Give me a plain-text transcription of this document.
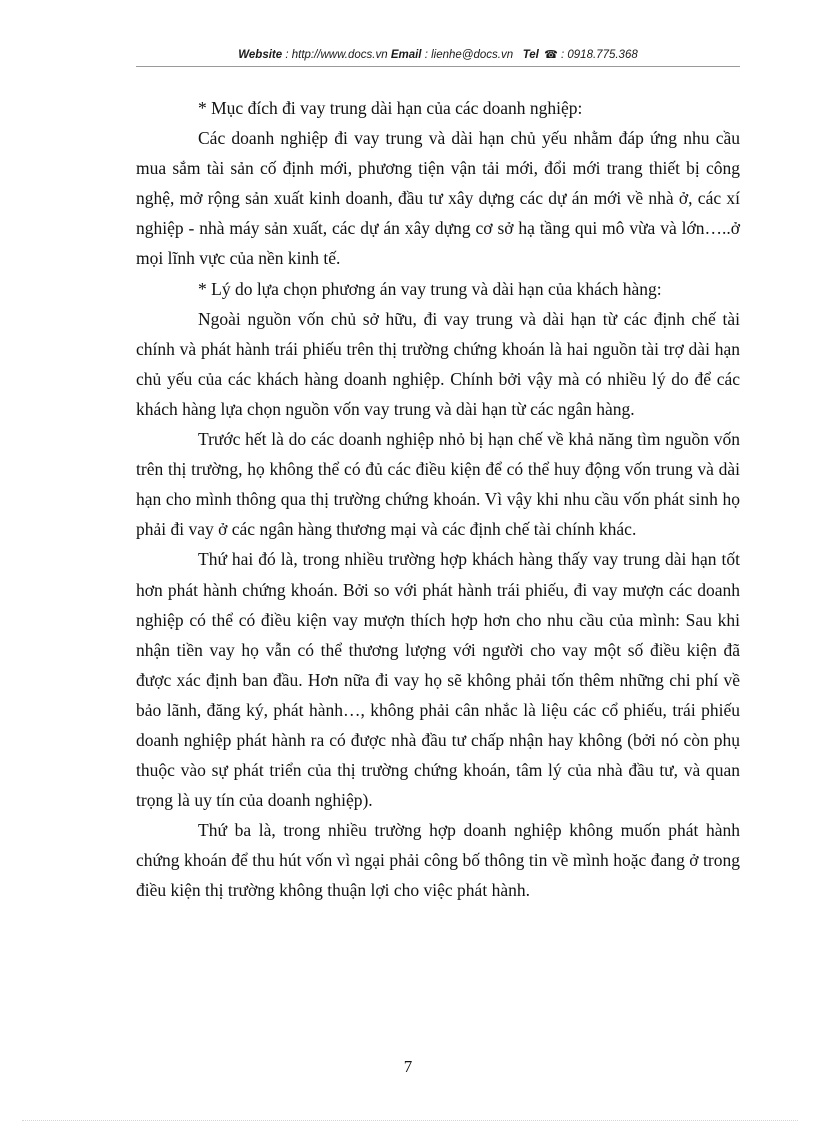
Website : http://www.docs.vn Email : lienhe@docs.vn Tel ☎ : 0918.775.368

* Mục đích đi vay trung dài hạn của các doanh nghiệp:

Các doanh nghiệp đi vay trung và dài hạn chủ yếu nhằm đáp ứng nhu cầu mua sắm tài sản cố định mới, phương tiện vận tải mới, đổi mới trang thiết bị công nghệ, mở rộng sản xuất kinh doanh, đầu tư xây dựng các dự án mới về nhà ở, các xí nghiệp - nhà máy sản xuất, các dự án xây dựng cơ sở hạ tầng qui mô vừa và lớn…..ở mọi lĩnh vực của nền kinh tế.

* Lý do lựa chọn phương án vay trung và dài hạn của khách hàng:

Ngoài nguồn vốn chủ sở hữu, đi vay trung và dài hạn từ các định chế tài chính và phát hành trái phiếu trên thị trường chứng khoán là hai nguồn tài trợ dài hạn chủ yếu của các khách hàng doanh nghiệp. Chính bởi vậy mà có nhiều lý do để các khách hàng lựa chọn nguồn vốn vay trung và dài hạn từ các ngân hàng.

Trước hết là do các doanh nghiệp nhỏ bị hạn chế về khả năng tìm nguồn vốn trên thị trường, họ không thể có đủ các điều kiện để có thể huy động vốn trung và dài hạn cho mình thông qua thị trường chứng khoán. Vì vậy khi nhu cầu vốn phát sinh họ phải đi vay ở các ngân hàng thương mại và các định chế tài chính khác.

Thứ hai đó là, trong nhiều trường hợp khách hàng thấy vay trung dài hạn tốt hơn phát hành chứng khoán. Bởi so với phát hành trái phiếu, đi vay mượn các doanh nghiệp có thể có điều kiện vay mượn thích hợp hơn cho nhu cầu của mình: Sau khi nhận tiền vay họ vẫn có thể thương lượng với người cho vay một số điều kiện đã được xác định ban đầu. Hơn nữa đi vay họ sẽ không phải tốn thêm những chi phí về bảo lãnh, đăng ký, phát hành…, không phải cân nhắc là liệu các cổ phiếu, trái phiếu doanh nghiệp phát hành ra có được nhà đầu tư chấp nhận hay không (bởi nó còn phụ thuộc vào sự phát triển của thị trường chứng khoán, tâm lý của nhà đầu tư, và quan trọng là uy tín của doanh nghiệp).

Thứ ba là, trong nhiều trường hợp doanh nghiệp không muốn phát hành chứng khoán để thu hút vốn vì ngại phải công bố thông tin về mình hoặc đang ở trong điều kiện thị trường không thuận lợi cho việc phát hành.

7
